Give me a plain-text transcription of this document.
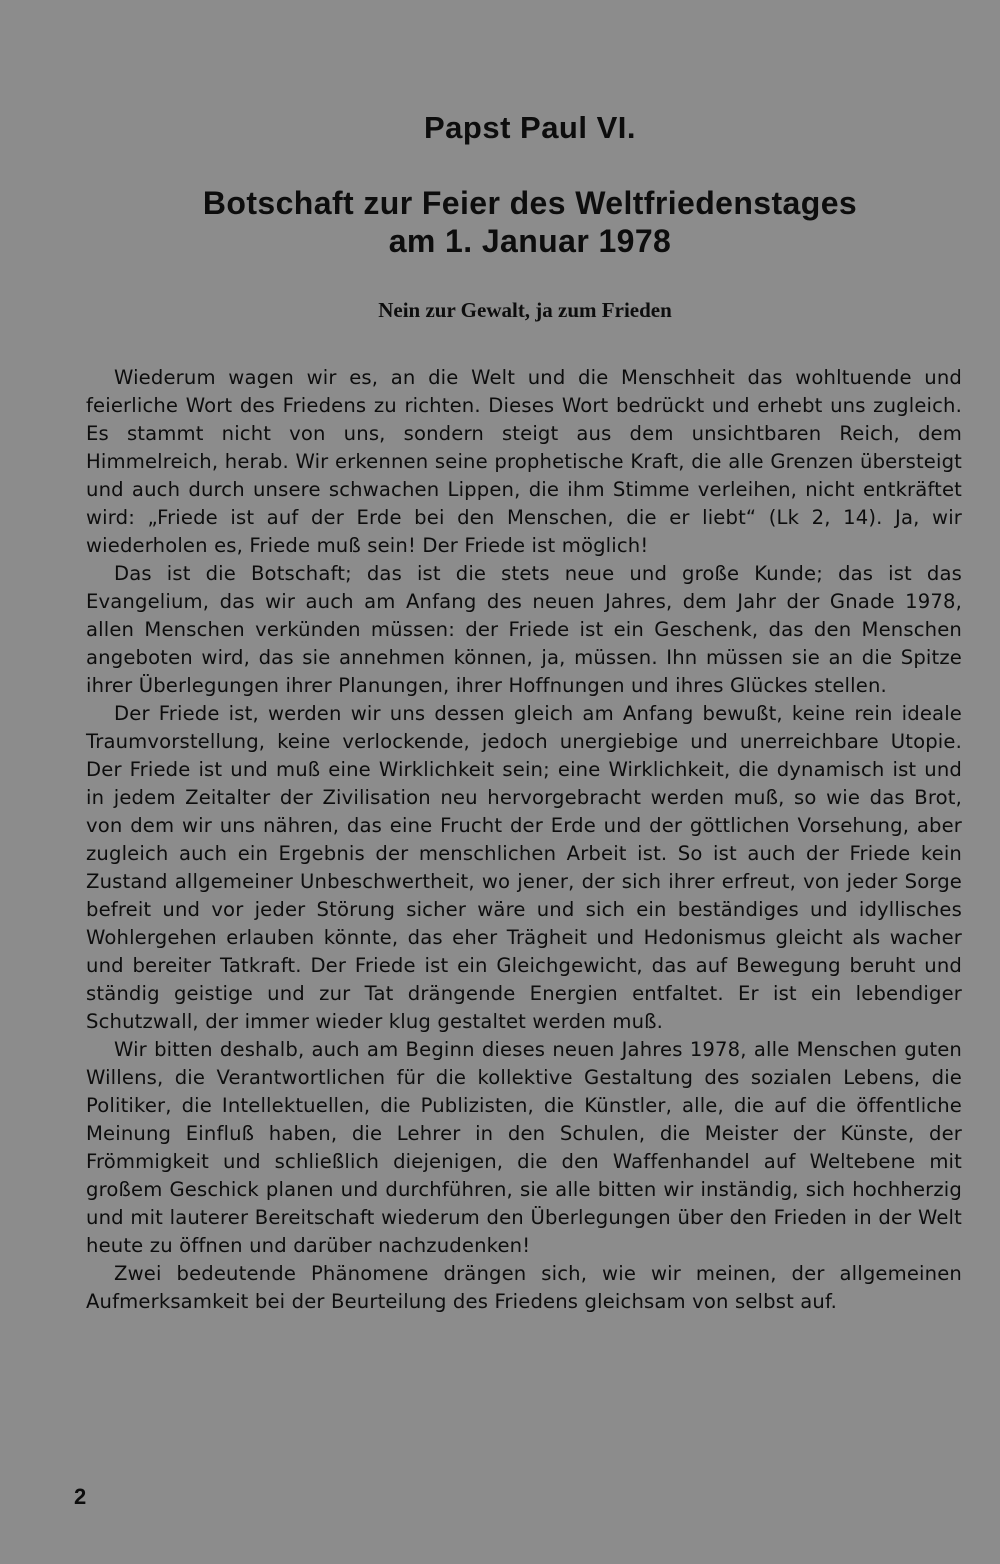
Papst Paul VI.
Botschaft zur Feier des Weltfriedenstages
am 1. Januar 1978
Nein zur Gewalt, ja zum Frieden

Wiederum wagen wir es, an die Welt und die Menschheit das wohltuende und feierliche Wort des Friedens zu richten. Dieses Wort bedrückt und erhebt uns zugleich. Es stammt nicht von uns, sondern steigt aus dem unsichtbaren Reich, dem Himmelreich, herab. Wir erkennen seine prophetische Kraft, die alle Grenzen übersteigt und auch durch unsere schwachen Lippen, die ihm Stimme verleihen, nicht entkräftet wird: „Friede ist auf der Erde bei den Menschen, die er liebt“ (Lk 2, 14). Ja, wir wiederholen es, Friede muß sein! Der Friede ist möglich!

Das ist die Botschaft; das ist die stets neue und große Kunde; das ist das Evangelium, das wir auch am Anfang des neuen Jahres, dem Jahr der Gnade 1978, allen Menschen verkünden müssen: der Friede ist ein Geschenk, das den Menschen angeboten wird, das sie annehmen können, ja, müssen. Ihn müssen sie an die Spitze ihrer Überlegungen ihrer Planungen, ihrer Hoffnungen und ihres Glückes stellen.

Der Friede ist, werden wir uns dessen gleich am Anfang bewußt, keine rein ideale Traumvorstellung, keine verlockende, jedoch unergiebige und unerreichbare Utopie. Der Friede ist und muß eine Wirklichkeit sein; eine Wirklichkeit, die dynamisch ist und in jedem Zeitalter der Zivilisation neu hervorgebracht werden muß, so wie das Brot, von dem wir uns nähren, das eine Frucht der Erde und der göttlichen Vorsehung, aber zugleich auch ein Ergebnis der menschlichen Arbeit ist. So ist auch der Friede kein Zustand allgemeiner Unbeschwertheit, wo jener, der sich ihrer erfreut, von jeder Sorge befreit und vor jeder Störung sicher wäre und sich ein beständiges und idyllisches Wohlergehen erlauben könnte, das eher Trägheit und Hedonismus gleicht als wacher und bereiter Tatkraft. Der Friede ist ein Gleichgewicht, das auf Bewegung beruht und ständig geistige und zur Tat drängende Energien entfaltet. Er ist ein lebendiger Schutzwall, der immer wieder klug gestaltet werden muß.

Wir bitten deshalb, auch am Beginn dieses neuen Jahres 1978, alle Menschen guten Willens, die Verantwortlichen für die kollektive Gestaltung des sozialen Lebens, die Politiker, die Intellektuellen, die Publizisten, die Künstler, alle, die auf die öffentliche Meinung Einfluß haben, die Lehrer in den Schulen, die Meister der Künste, der Frömmigkeit und schließlich diejenigen, die den Waffenhandel auf Weltebene mit großem Geschick planen und durchführen, sie alle bitten wir inständig, sich hochherzig und mit lauterer Bereitschaft wiederum den Überlegungen über den Frieden in der Welt heute zu öffnen und darüber nachzudenken!

Zwei bedeutende Phänomene drängen sich, wie wir meinen, der allgemeinen Aufmerksamkeit bei der Beurteilung des Friedens gleichsam von selbst auf.

2
